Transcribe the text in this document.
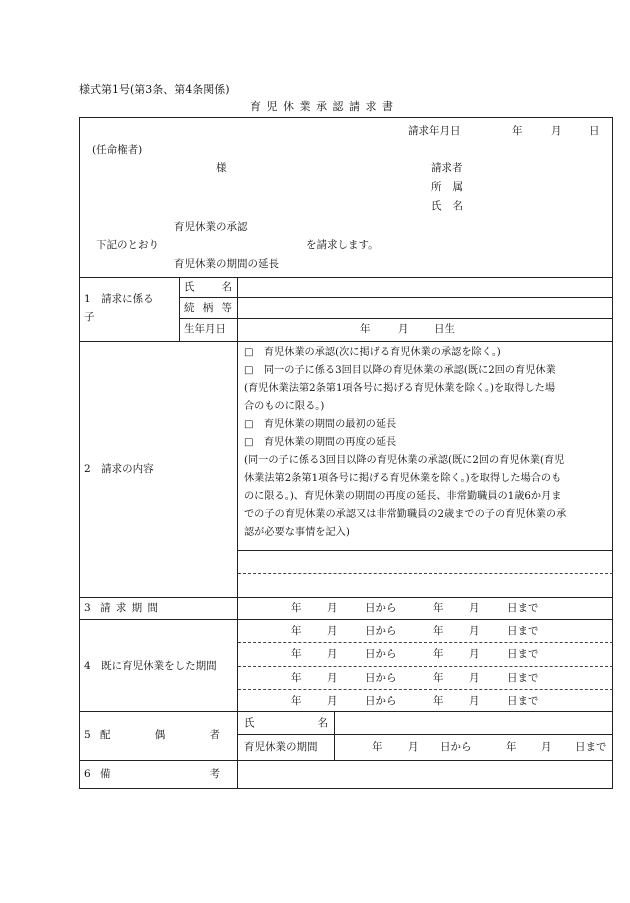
様式第1号(第3条、第4条関係)
育児休業承認請求書
請求年月日	年	月	日
(任命権者)
様	請求者
所 属
氏 名
育児休業の承認
下記のとおり	を請求します。
育児休業の期間の延長
1　請求に係る
子
氏	名
続 柄 等
生年月日	年	月 日生
2　請求の内容
□　育児休業の承認(次に掲げる育児休業の承認を除く。)
□　同一の子に係る3回目以降の育児休業の承認(既に2回の育児休業
(育児休業法第2条第1項各号に掲げる育児休業を除く。)を取得した場
合のものに限る。)
□　育児休業の期間の最初の延長
□　育児休業の期間の再度の延長
(同一の子に係る3回目以降の育児休業の承認(既に2回の育児休業(育児
休業法第2条第1項各号に掲げる育児休業を除く。)を取得した場合のも
のに限る。)、育児休業の期間の再度の延長、非常勤職員の1歳6か月ま
での子の育児休業の承認又は非常勤職員の2歳までの子の育児休業の承
認が必要な事情を記入)
3 請 求 期 間	年 月	日から	年 月	日まで
4　既に育児休業をした期間
年 月	日から	年 月	日まで
年 月	日から	年 月	日まで
年 月	日から	年 月	日まで
年 月	日から	年 月	日まで
5 配	偶	者
氏	名
育児休業の期間	年 月 日から	年 月 日まで
6 備	考
